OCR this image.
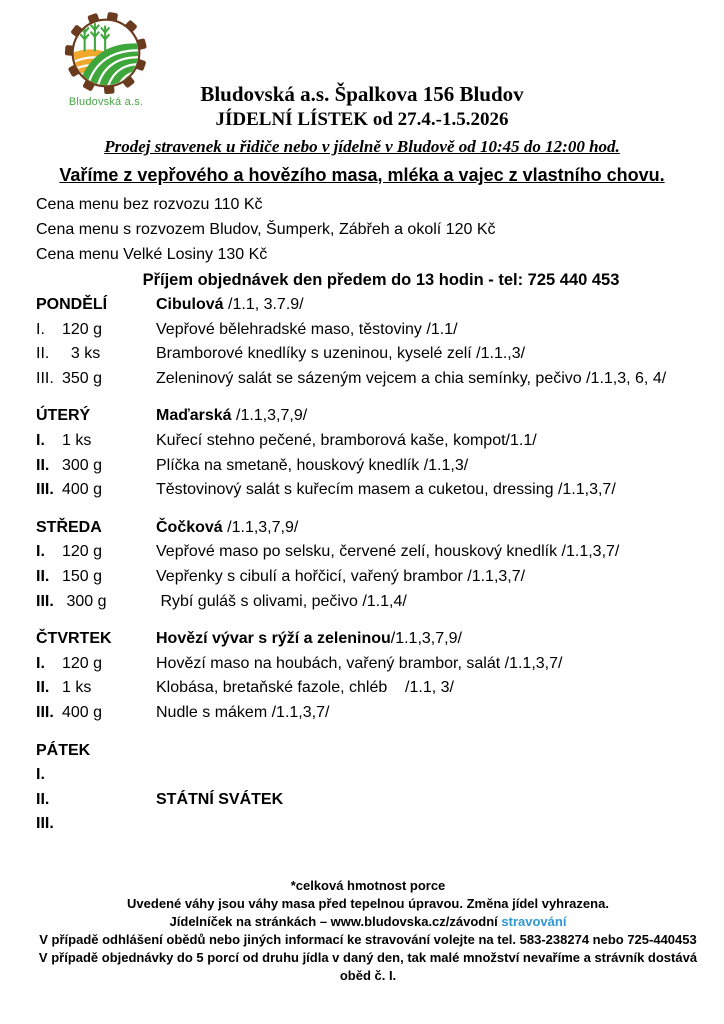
Bludovská a.s.	Bludovská a.s. Špalkova 156 Bludov

JÍDELNÍ LÍSTEK od 27.4.-1.5.2026

Prodej stravenek u řidiče nebo v jídelně v Bludově od 10:45 do 12:00 hod.

Vaříme z vepřového a hovězího masa, mléka a vajec z vlastního chovu.

Cena menu bez rozvozu 110 Kč
Cena menu s rozvozem Bludov, Šumperk, Zábřeh a okolí 120 Kč
Cena menu Velké Losiny 130 Kč
Příjem objednávek den předem do 13 hodin - tel: 725 440 453
PONDĚLÍ	Cibulová /1.1, 3.7.9/
I.	120 g	Vepřové bělehradské maso, těstoviny /1.1/
II. 3 ks	Bramborové knedlíky s uzeninou, kyselé zelí /1.1.,3/
III. 350 g	Zeleninový salát se sázeným vejcem a chia semínky, pečivo /1.1,3, 6, 4/
ÚTERÝ	Maďarská /1.1,3,7,9/
I.	1 ks	Kuřecí stehno pečené, bramborová kaše, kompot/1.1/
II. 300 g	Plíčka na smetaně, houskový knedlík /1.1,3/
III. 400 g	Těstovinový salát s kuřecím masem a cuketou, dressing /1.1,3,7/
STŘEDA	Čočková /1.1,3,7,9/
I.	120 g	Vepřové maso po selsku, červené zelí, houskový knedlík /1.1,3,7/
II. 150 g	Vepřenky s cibulí a hořčicí, vařený brambor /1.1,3,7/
III. 300 g	Rybí guláš s olivami, pečivo /1.1,4/
ČTVRTEK	Hovězí vývar s rýží a zeleninou/1.1,3,7,9/
I.	120 g	Hovězí maso na houbách, vařený brambor, salát /1.1,3,7/
II. 1 ks	Klobása, bretaňské fazole, chléb    /1.1, 3/
III. 400 g	Nudle s mákem /1.1,3,7/
PÁTEK
I.
II.	STÁTNÍ SVÁTEK
III.

*celková hmotnost porce

Uvedené váhy jsou váhy masa před tepelnou úpravou. Změna jídel vyhrazena.

Jídelníček na stránkách – www.bludovska.cz/závodní stravování

V případě odhlášení obědů nebo jiných informací ke stravování volejte na tel. 583-238274 nebo 725-440453

V případě objednávky do 5 porcí od druhu jídla v daný den, tak malé množství nevaříme a strávník dostává oběd č. I.
